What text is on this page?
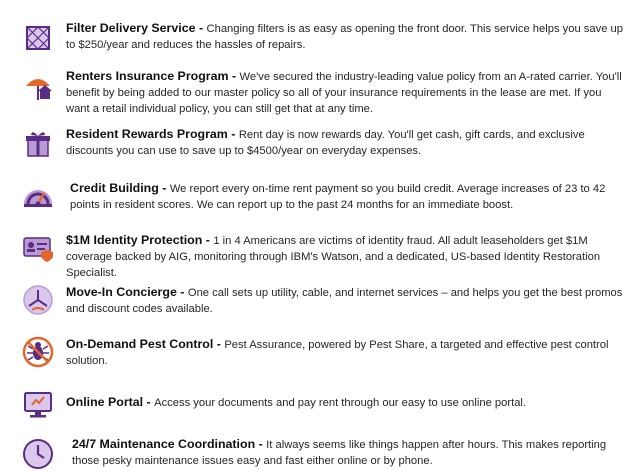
Filter Delivery Service - Changing filters is as easy as opening the front door. This service helps you save up to $250/year and reduces the hassles of repairs.
Renters Insurance Program - We've secured the industry-leading value policy from an A-rated carrier. You'll benefit by being added to our master policy so all of your insurance requirements in the lease are met. If you want a retail individual policy, you can still get that at any time.
Resident Rewards Program - Rent day is now rewards day. You'll get cash, gift cards, and exclusive discounts you can use to save up to $4500/year on everyday expenses.
Credit Building - We report every on-time rent payment so you build credit. Average increases of 23 to 42 points in resident scores. We can report up to the past 24 months for an immediate boost.
$1M Identity Protection - 1 in 4 Americans are victims of identity fraud. All adult leaseholders get $1M coverage backed by AIG, monitoring through IBM's Watson, and a dedicated, US-based Identity Restoration Specialist.
Move-In Concierge - One call sets up utility, cable, and internet services – and helps you get the best promos and discount codes available.
On-Demand Pest Control - Pest Assurance, powered by Pest Share, a targeted and effective pest control solution.
Online Portal - Access your documents and pay rent through our easy to use online portal.
24/7 Maintenance Coordination - It always seems like things happen after hours. This makes reporting those pesky maintenance issues easy and fast either online or by phone.
